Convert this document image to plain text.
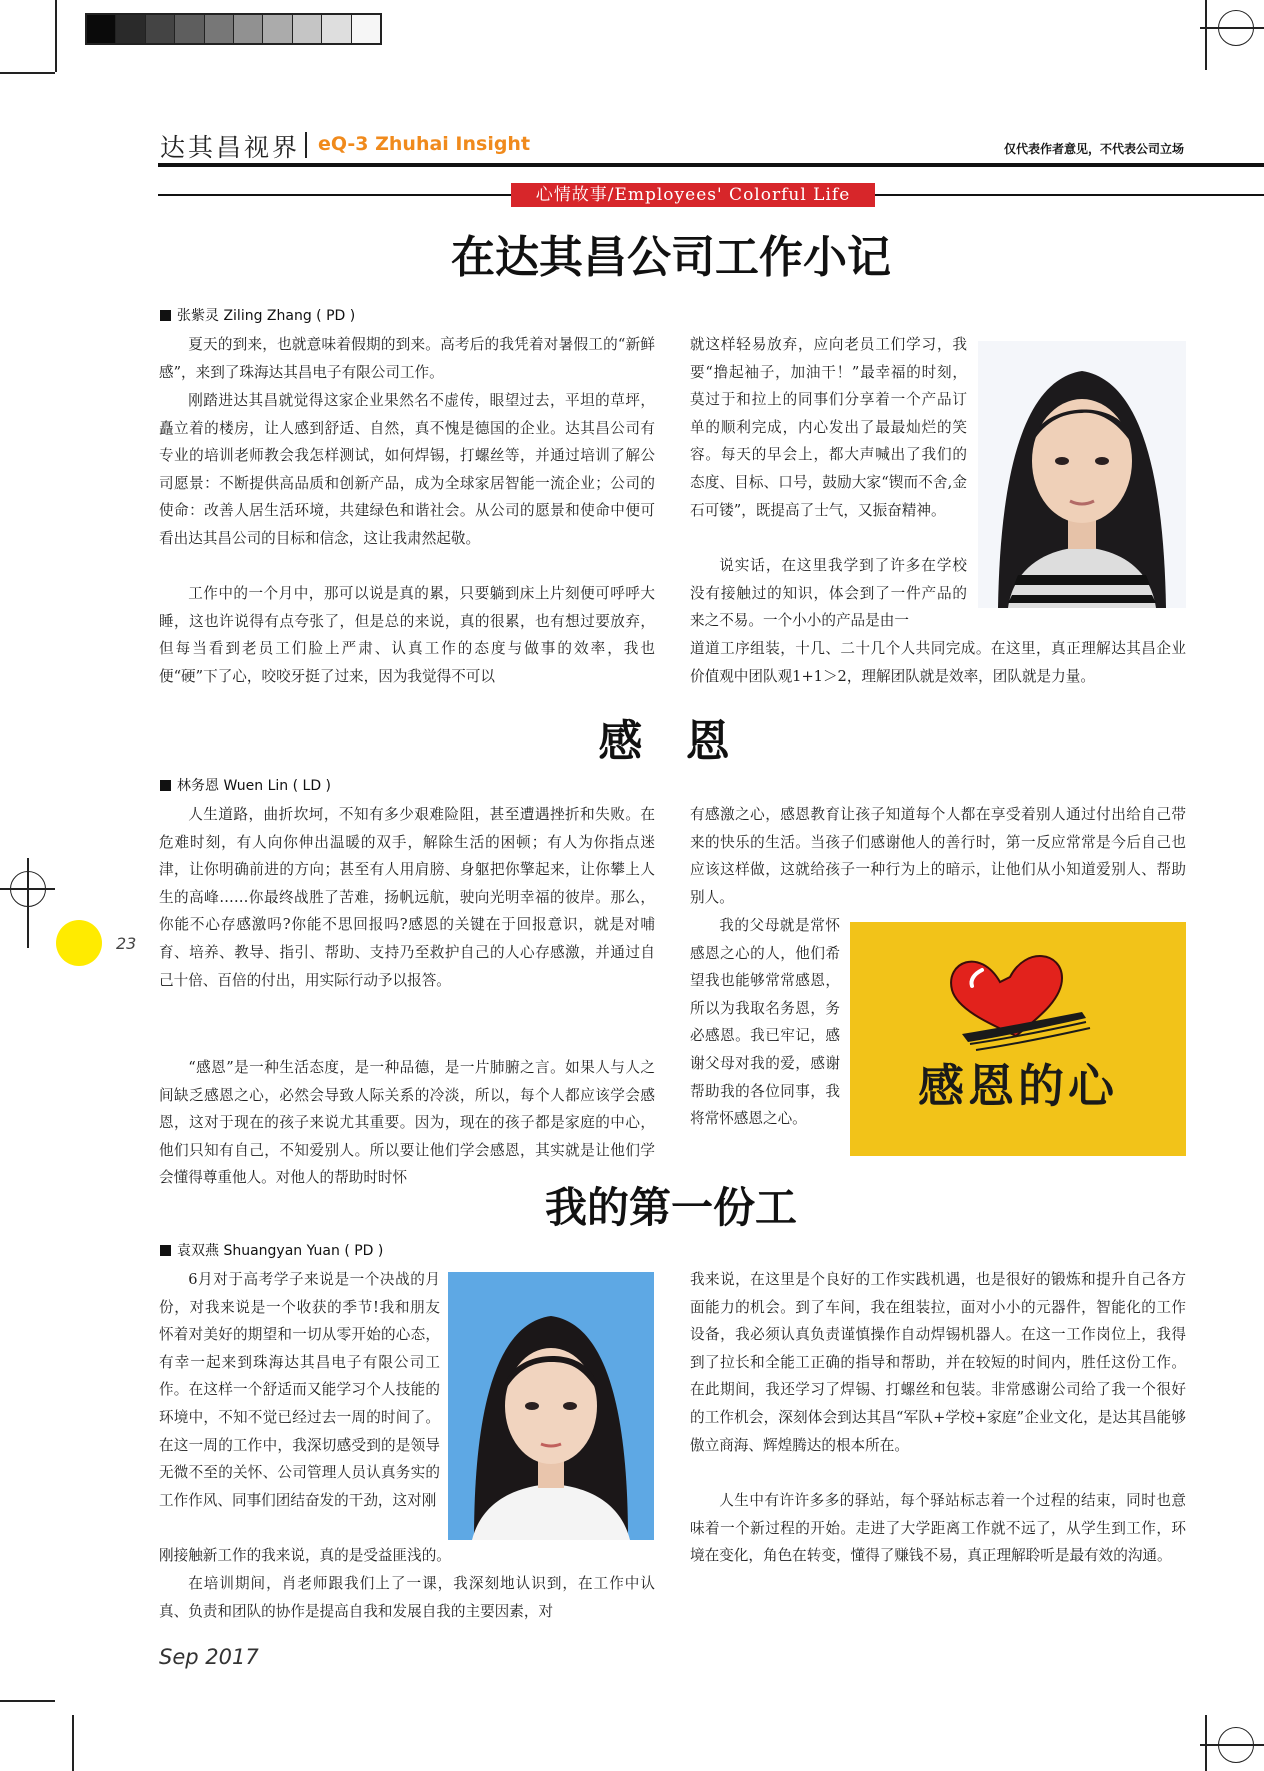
达其昌视界 eQ-3 Zhuhai Insight	仅代表作者意见，不代表公司立场
心情故事/Employees' Colorful Life
在达其昌公司工作小记
张紫灵 Ziling Zhang ( PD )

夏天的到来，也就意味着假期的到来。高考后的我凭着对暑假工的“新鲜感”，来到了珠海达其昌电子有限公司工作。

刚踏进达其昌就觉得这家企业果然名不虚传，眼望过去，平坦的草坪，矗立着的楼房，让人感到舒适、自然，真不愧是德国的企业。达其昌公司有专业的培训老师教会我怎样测试，如何焊锡，打螺丝等，并通过培训了解公司愿景：不断提供高品质和创新产品，成为全球家居智能一流企业；公司的使命：改善人居生活环境，共建绿色和谐社会。从公司的愿景和使命中便可看出达其昌公司的目标和信念，这让我肃然起敬。

工作中的一个月中，那可以说是真的累，只要躺到床上片刻便可呼呼大睡，这也许说得有点夸张了，但是总的来说，真的很累，也有想过要放弃，但每当看到老员工们脸上严肃、认真工作的态度与做事的效率，我也便“硬”下了心，咬咬牙挺了过来，因为我觉得不可以

就这样轻易放弃，应向老员工们学习，我要“撸起袖子，加油干！”最幸福的时刻，莫过于和拉上的同事们分享着一个产品订单的顺利完成，内心发出了最最灿烂的笑容。每天的早会上，都大声喊出了我们的态度、目标、口号，鼓励大家“锲而不舍,金石可镂”，既提高了士气，又振奋精神。

说实话，在这里我学到了许多在学校没有接触过的知识，体会到了一件产品的来之不易。一个小小的产品是由一

道道工序组装，十几、二十几个人共同完成。在这里，真正理解达其昌企业价值观中团队观1+1＞2，理解团队就是效率，团队就是力量。

感 恩
林务恩 Wuen Lin ( LD )

人生道路，曲折坎坷，不知有多少艰难险阻，甚至遭遇挫折和失败。在危难时刻，有人向你伸出温暖的双手，解除生活的困顿；有人为你指点迷津，让你明确前进的方向；甚至有人用肩膀、身躯把你擎起来，让你攀上人生的高峰……你最终战胜了苦难，扬帆远航，驶向光明幸福的彼岸。那么，你能不心存感激吗?你能不思回报吗?感恩的关键在于回报意识，就是对哺育、培养、教导、指引、帮助、支持乃至救护自己的人心存感激，并通过自己十倍、百倍的付出，用实际行动予以报答。

“感恩”是一种生活态度，是一种品德，是一片肺腑之言。如果人与人之间缺乏感恩之心，必然会导致人际关系的冷淡，所以，每个人都应该学会感恩，这对于现在的孩子来说尤其重要。因为，现在的孩子都是家庭的中心，他们只知有自己，不知爱别人。所以要让他们学会感恩，其实就是让他们学会懂得尊重他人。对他人的帮助时时怀

有感激之心，感恩教育让孩子知道每个人都在享受着别人通过付出给自己带来的快乐的生活。当孩子们感谢他人的善行时，第一反应常常是今后自己也应该这样做，这就给孩子一种行为上的暗示，让他们从小知道爱别人、帮助别人。

我的父母就是常怀感恩之心的人，他们希望我也能够常常感恩，所以为我取名务恩，务必感恩。我已牢记，感谢父母对我的爱，感谢帮助我的各位同事，我将常怀感恩之心。

感恩的心
我的第一份工
袁双燕 Shuangyan Yuan ( PD )

6月对于高考学子来说是一个决战的月份，对我来说是一个收获的季节!我和朋友怀着对美好的期望和一切从零开始的心态，有幸一起来到珠海达其昌电子有限公司工作。在这样一个舒适而又能学习个人技能的环境中，不知不觉已经过去一周的时间了。在这一周的工作中，我深切感受到的是领导无微不至的关怀、公司管理人员认真务实的工作作风、同事们团结奋发的干劲，这对刚

刚接触新工作的我来说，真的是受益匪浅的。

在培训期间，肖老师跟我们上了一课，我深刻地认识到，在工作中认真、负责和团队的协作是提高自我和发展自我的主要因素，对

我来说，在这里是个良好的工作实践机遇，也是很好的锻炼和提升自己各方面能力的机会。到了车间，我在组装拉，面对小小的元器件，智能化的工作设备，我必须认真负责谨慎操作自动焊锡机器人。在这一工作岗位上，我得到了拉长和全能工正确的指导和帮助，并在较短的时间内，胜任这份工作。在此期间，我还学习了焊锡、打螺丝和包装。非常感谢公司给了我一个很好的工作机会，深刻体会到达其昌“军队+学校+家庭”企业文化，是达其昌能够傲立商海、辉煌腾达的根本所在。

人生中有许许多多的驿站，每个驿站标志着一个过程的结束，同时也意味着一个新过程的开始。走进了大学距离工作就不远了，从学生到工作，环境在变化，角色在转变，懂得了赚钱不易，真正理解聆听是最有效的沟通。

23
Sep 2017
